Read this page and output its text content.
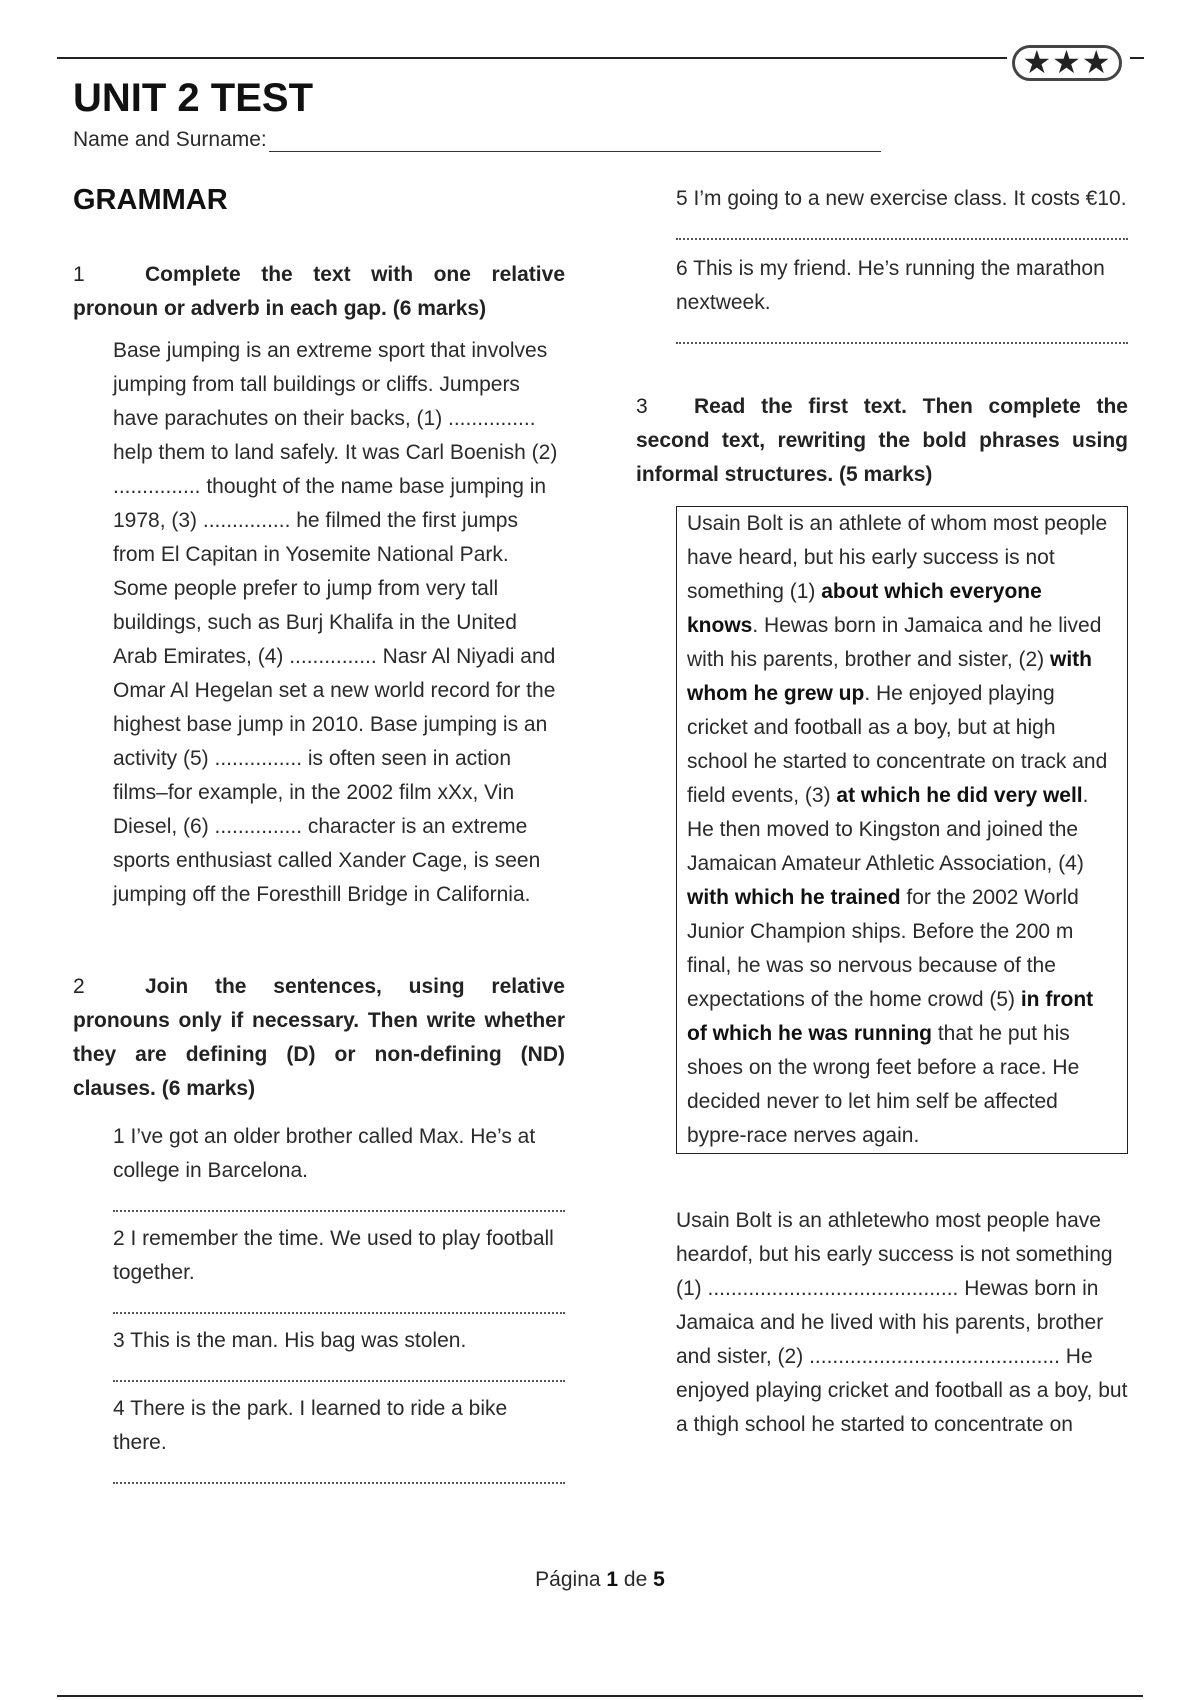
★★★
UNIT 2 TEST
Name and Surname:
GRAMMAR

1	Complete the text with one relative pronoun or adverb in each gap. (6 marks)

Base jumping is an extreme sport that involves jumping from tall buildings or cliffs. Jumpers have parachutes on their backs, (1) ............... help them to land safely. It was Carl Boenish (2) ............... thought of the name base jumping in 1978, (3) ............... he filmed the first jumps from El Capitan in Yosemite National Park. Some people prefer to jump from very tall buildings, such as Burj Khalifa in the United Arab Emirates, (4) ............... Nasr Al Niyadi and Omar Al Hegelan set a new world record for the highest base jump in 2010. Base jumping is an activity (5) ............... is often seen in action films–for example, in the 2002 film xXx, Vin Diesel, (6) ............... character is an extreme sports enthusiast called Xander Cage, is seen jumping off the Foresthill Bridge in California.

2	Join the sentences, using relative pronouns only if necessary. Then write whether they are defining (D) or non-defining (ND) clauses. (6 marks)

1 I’ve got an older brother called Max. He’s at college in Barcelona.

2 I remember the time. We used to play football together.

3 This is the man. His bag was stolen.

4 There is the park. I learned to ride a bike there.

5 I’m going to a new exercise class. It costs €10.

6 This is my friend. He’s running the marathon nextweek.

3 Read the first text. Then complete the second text, rewriting the bold phrases using informal structures. (5 marks)

Usain Bolt is an athlete of whom most people have heard, but his early success is not something (1) about which everyone knows. Hewas born in Jamaica and he lived with his parents, brother and sister, (2) with whom he grew up. He enjoyed playing cricket and football as a boy, but at high school he started to concentrate on track and field events, (3) at which he did very well. He then moved to Kingston and joined the Jamaican Amateur Athletic Association, (4) with which he trained for the 2002 World Junior Champion ships. Before the 200 m final, he was so nervous because of the expectations of the home crowd (5) in front of which he was running that he put his shoes on the wrong feet before a race. He decided never to let him self be affected bypre-race nerves again.

Usain Bolt is an athletewho most people have heardof, but his early success is not something (1) ........................................... Hewas born in Jamaica and he lived with his parents, brother and sister, (2) ........................................... He enjoyed playing cricket and football as a boy, but a thigh school he started to concentrate on
Página 1 de 5
